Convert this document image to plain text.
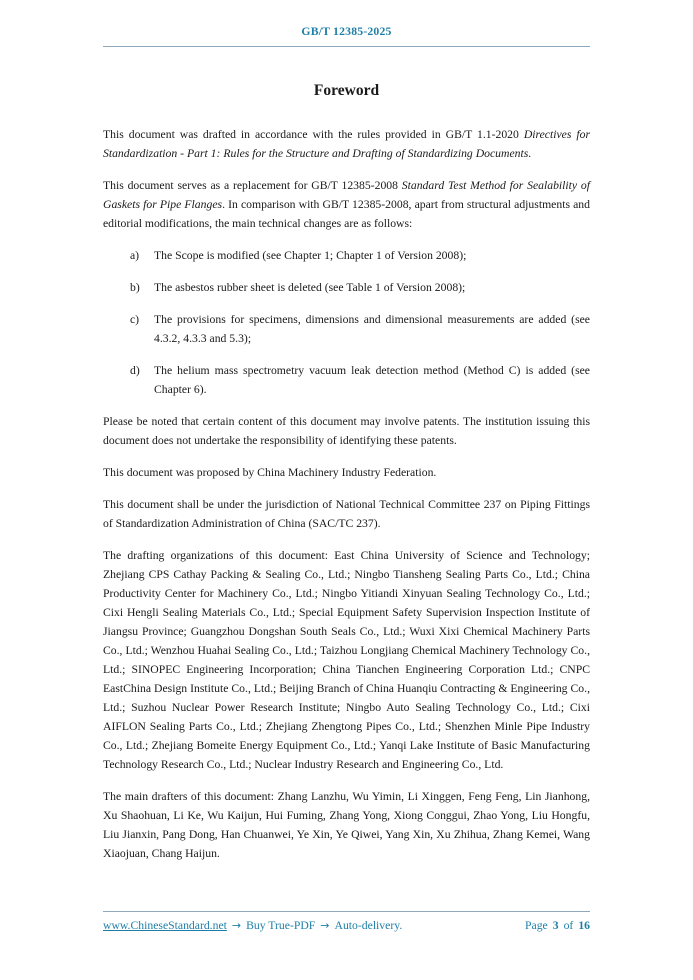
GB/T 12385-2025
Foreword

This document was drafted in accordance with the rules provided in GB/T 1.1-2020 Directives for Standardization - Part 1: Rules for the Structure and Drafting of Standardizing Documents.

This document serves as a replacement for GB/T 12385-2008 Standard Test Method for Sealability of Gaskets for Pipe Flanges. In comparison with GB/T 12385-2008, apart from structural adjustments and editorial modifications, the main technical changes are as follows:

a)	The Scope is modified (see Chapter 1; Chapter 1 of Version 2008);
b)	The asbestos rubber sheet is deleted (see Table 1 of Version 2008);
c)	The provisions for specimens, dimensions and dimensional measurements are added (see 4.3.2, 4.3.3 and 5.3);
d)	The helium mass spectrometry vacuum leak detection method (Method C) is added (see Chapter 6).

Please be noted that certain content of this document may involve patents. The institution issuing this document does not undertake the responsibility of identifying these patents.

This document was proposed by China Machinery Industry Federation.

This document shall be under the jurisdiction of National Technical Committee 237 on Piping Fittings of Standardization Administration of China (SAC/TC 237).

The drafting organizations of this document: East China University of Science and Technology; Zhejiang CPS Cathay Packing & Sealing Co., Ltd.; Ningbo Tiansheng Sealing Parts Co., Ltd.; China Productivity Center for Machinery Co., Ltd.; Ningbo Yitiandi Xinyuan Sealing Technology Co., Ltd.; Cixi Hengli Sealing Materials Co., Ltd.; Special Equipment Safety Supervision Inspection Institute of Jiangsu Province; Guangzhou Dongshan South Seals Co., Ltd.; Wuxi Xixi Chemical Machinery Parts Co., Ltd.; Wenzhou Huahai Sealing Co., Ltd.; Taizhou Longjiang Chemical Machinery Technology Co., Ltd.; SINOPEC Engineering Incorporation; China Tianchen Engineering Corporation Ltd.; CNPC EastChina Design Institute Co., Ltd.; Beijing Branch of China Huanqiu Contracting & Engineering Co., Ltd.; Suzhou Nuclear Power Research Institute; Ningbo Auto Sealing Technology Co., Ltd.; Cixi AIFLON Sealing Parts Co., Ltd.; Zhejiang Zhengtong Pipes Co., Ltd.; Shenzhen Minle Pipe Industry Co., Ltd.; Zhejiang Bomeite Energy Equipment Co., Ltd.; Yanqi Lake Institute of Basic Manufacturing Technology Research Co., Ltd.; Nuclear Industry Research and Engineering Co., Ltd.

The main drafters of this document: Zhang Lanzhu, Wu Yimin, Li Xinggen, Feng Feng, Lin Jianhong, Xu Shaohuan, Li Ke, Wu Kaijun, Hui Fuming, Zhang Yong, Xiong Conggui, Zhao Yong, Liu Hongfu, Liu Jianxin, Pang Dong, Han Chuanwei, Ye Xin, Ye Qiwei, Yang Xin, Xu Zhihua, Zhang Kemei, Wang Xiaojuan, Chang Haijun.

www.ChineseStandard.net → Buy True-PDF → Auto-delivery.	Page 3 of 16
